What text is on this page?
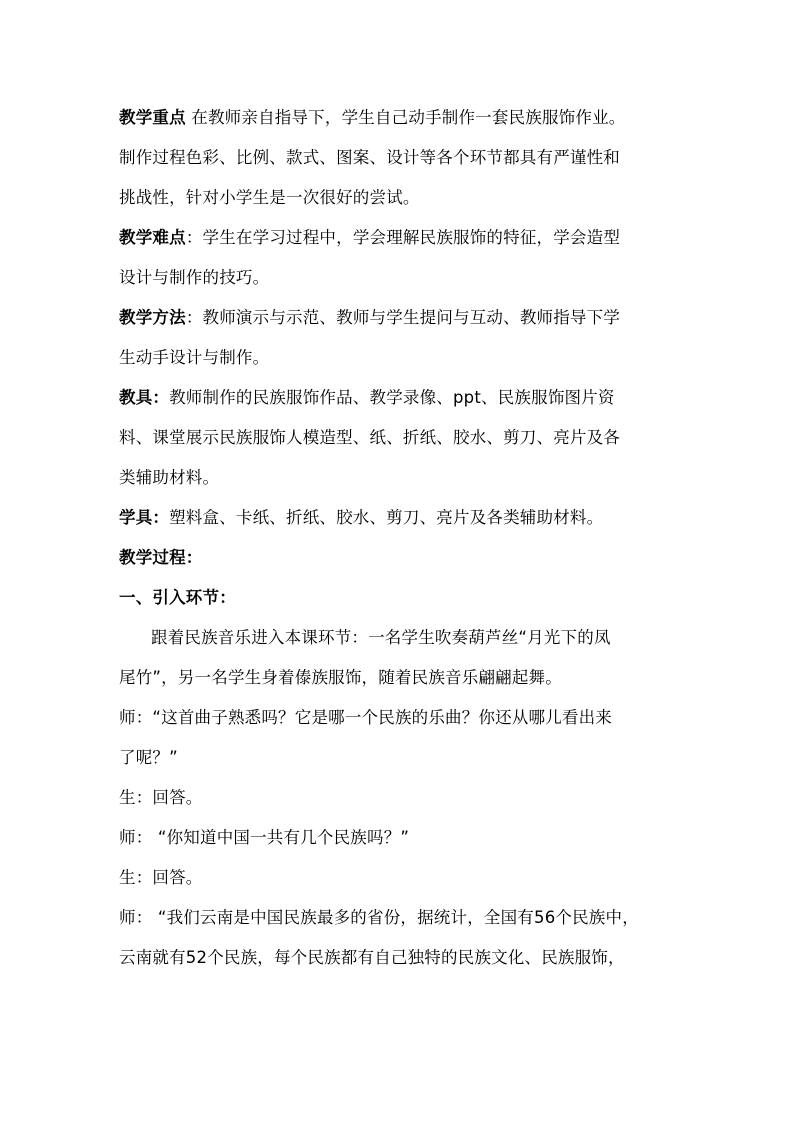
教学重点 在教师亲自指导下，学生自己动手制作一套民族服饰作业。
制作过程色彩、比例、款式、图案、设计等各个环节都具有严谨性和
挑战性，针对小学生是一次很好的尝试。
教学难点：学生在学习过程中，学会理解民族服饰的特征，学会造型
设计与制作的技巧。
教学方法：教师演示与示范、教师与学生提问与互动、教师指导下学
生动手设计与制作。
教具：教师制作的民族服饰作品、教学录像、ppt、民族服饰图片资
料、课堂展示民族服饰人模造型、纸、折纸、胶水、剪刀、亮片及各
类辅助材料。
学具：塑料盒、卡纸、折纸、胶水、剪刀、亮片及各类辅助材料。
教学过程：
一、引入环节：
跟着民族音乐进入本课环节：一名学生吹奏葫芦丝“月光下的凤
尾竹”，另一名学生身着傣族服饰，随着民族音乐翩翩起舞。
师：“这首曲子熟悉吗？它是哪一个民族的乐曲？你还从哪儿看出来
了呢？”
生：回答。
师： “你知道中国一共有几个民族吗？”
生：回答。
师： “我们云南是中国民族最多的省份，据统计，全国有56个民族中，
云南就有52个民族，每个民族都有自己独特的民族文化、民族服饰，
